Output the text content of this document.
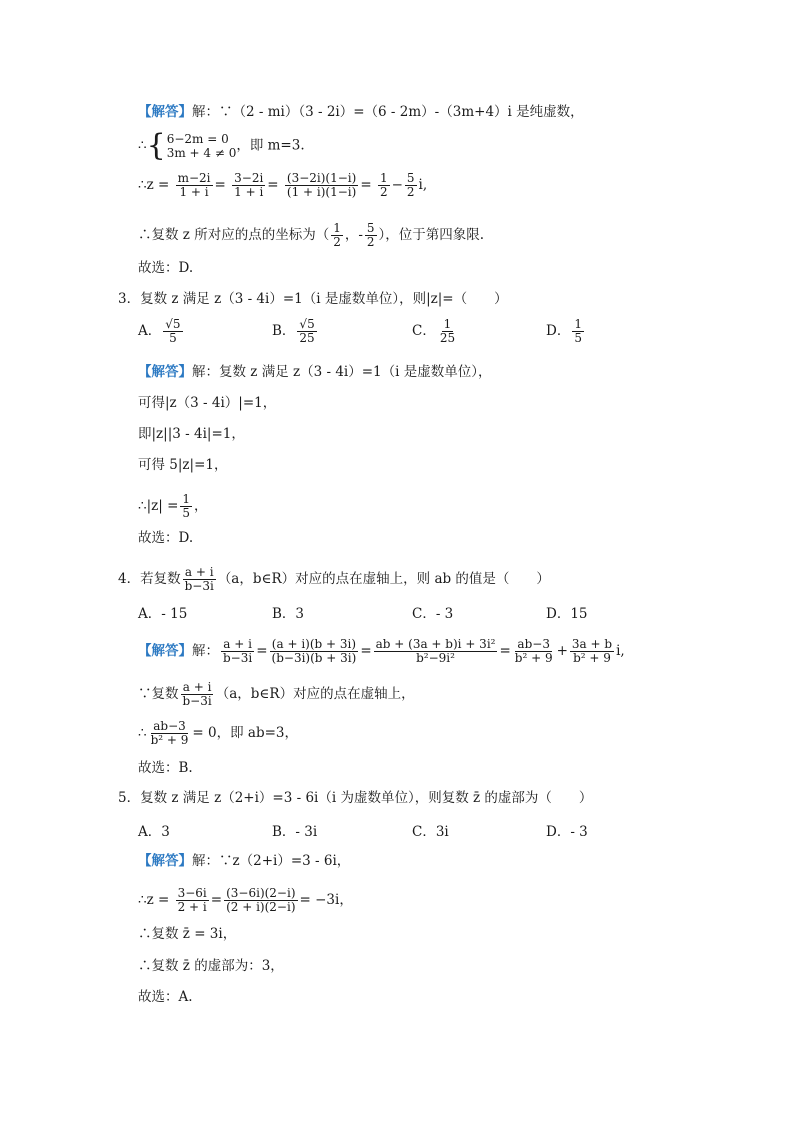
【解答】解：∵（2 - mi）（3 - 2i）=（6 - 2m）-（3m+4）i 是纯虚数，
∴ { 6−2m = 0
3m + 4 ≠ 0 ，即 m=3.
∴z = $\frac{m-2i}{1 + i} = \frac{3-2i}{1 + i} = \frac{(3-2i)(1-i)}{(1 + i)(1-i)} = \frac{1}{2} - \frac{5}{2} i$,
∴复数 z 所对应的点的坐标为（ $\frac{1}{2}$ ，- $\frac{5}{2}$ ），位于第四象限.
故选：D.
3．复数 z 满足 z（3 - 4i）=1（i 是虚数单位），则|z|=（　　）
A． $\frac{√5}{5}$	B． $\frac{√5}{25}$	C． $\frac{1}{25}$	D． $\frac{1}{5}$
【解答】解：复数 z 满足 z（3 - 4i）=1（i 是虚数单位），
可得|z（3 - 4i）|=1，
即|z||3 - 4i|=1，
可得 5|z|=1，
∴|z| = $\frac{1}{5}$ ，
故选：D.
4．若复数 $\frac{a + i}{b-3i} (a$，b∈R）对应的点在虚轴上，则 ab 的值是（　　）
A．- 15	B．3	C．- 3	D．15
【解答】解： $\frac{a + i}{b-3i} = \frac{(a + i)(b + 3i)}{(b-3i)(b + 3i)} = \frac{\text{ab + (3a + b)i + 3i²}}{\text{b²−9i²}} = \frac{ab-3}{\text{b² + 9}} + \frac{3a + b}{\text{b² + 9}} i$,
∵复数 $\frac{a + i}{b-3i} (a$，b∈R）对应的点在虚轴上，
∴ $\frac{ab-3}{\text{b² + 9}} = 0$，即 ab=3，
故选：B.
5．复数 z 满足 z（2+i）=3 - 6i（i 为虚数单位），则复数 z̄ 的虚部为（　　）
A．3	B．- 3i	C．3i	D．- 3
【解答】解：∵z（2+i）=3 - 6i，
∴z = $\frac{3-6i}{2 + i} = \frac{(3-6i)(2-i)}{(2 + i)(2-i)} = -3i$，
∴复数 z̄ = 3i，
∴复数 z̄ 的虚部为：3，
故选：A.
